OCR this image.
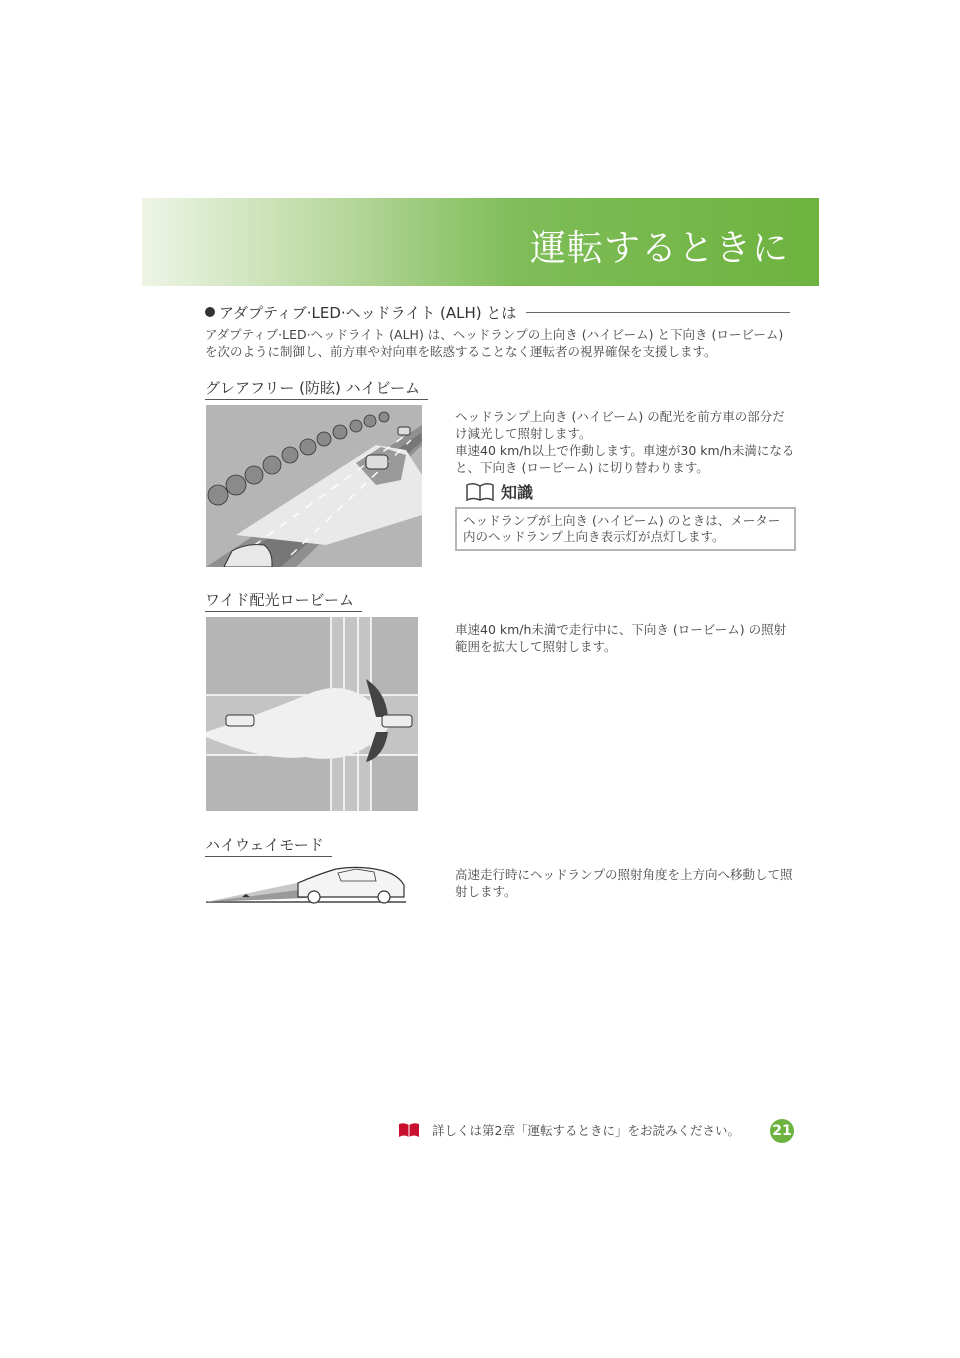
運転するときに
アダプティブ·LED·ヘッドライト (ALH) とは
アダプティブ·LED·ヘッドライト (ALH) は、ヘッドランプの上向き (ハイビーム) と下向き (ロービーム) を次のように制御し、前方車や対向車を眩惑することなく運転者の視界確保を支援します。
グレアフリー (防眩) ハイビーム

ヘッドランプ上向き (ハイビーム) の配光を前方車の部分だけ減光して照射します。

車速40 km/h以上で作動します。車速が30 km/h未満になると、下向き (ロービーム) に切り替わります。

知識
ヘッドランプが上向き (ハイビーム) のときは、メーター内のヘッドランプ上向き表示灯が点灯します。
ワイド配光ロービーム
車速40 km/h未満で走行中に、下向き (ロービーム) の照射範囲を拡大して照射します。
ハイウェイモード
高速走行時にヘッドランプの照射角度を上方向へ移動して照射します。
詳しくは第2章「運転するときに」をお読みください。 21
